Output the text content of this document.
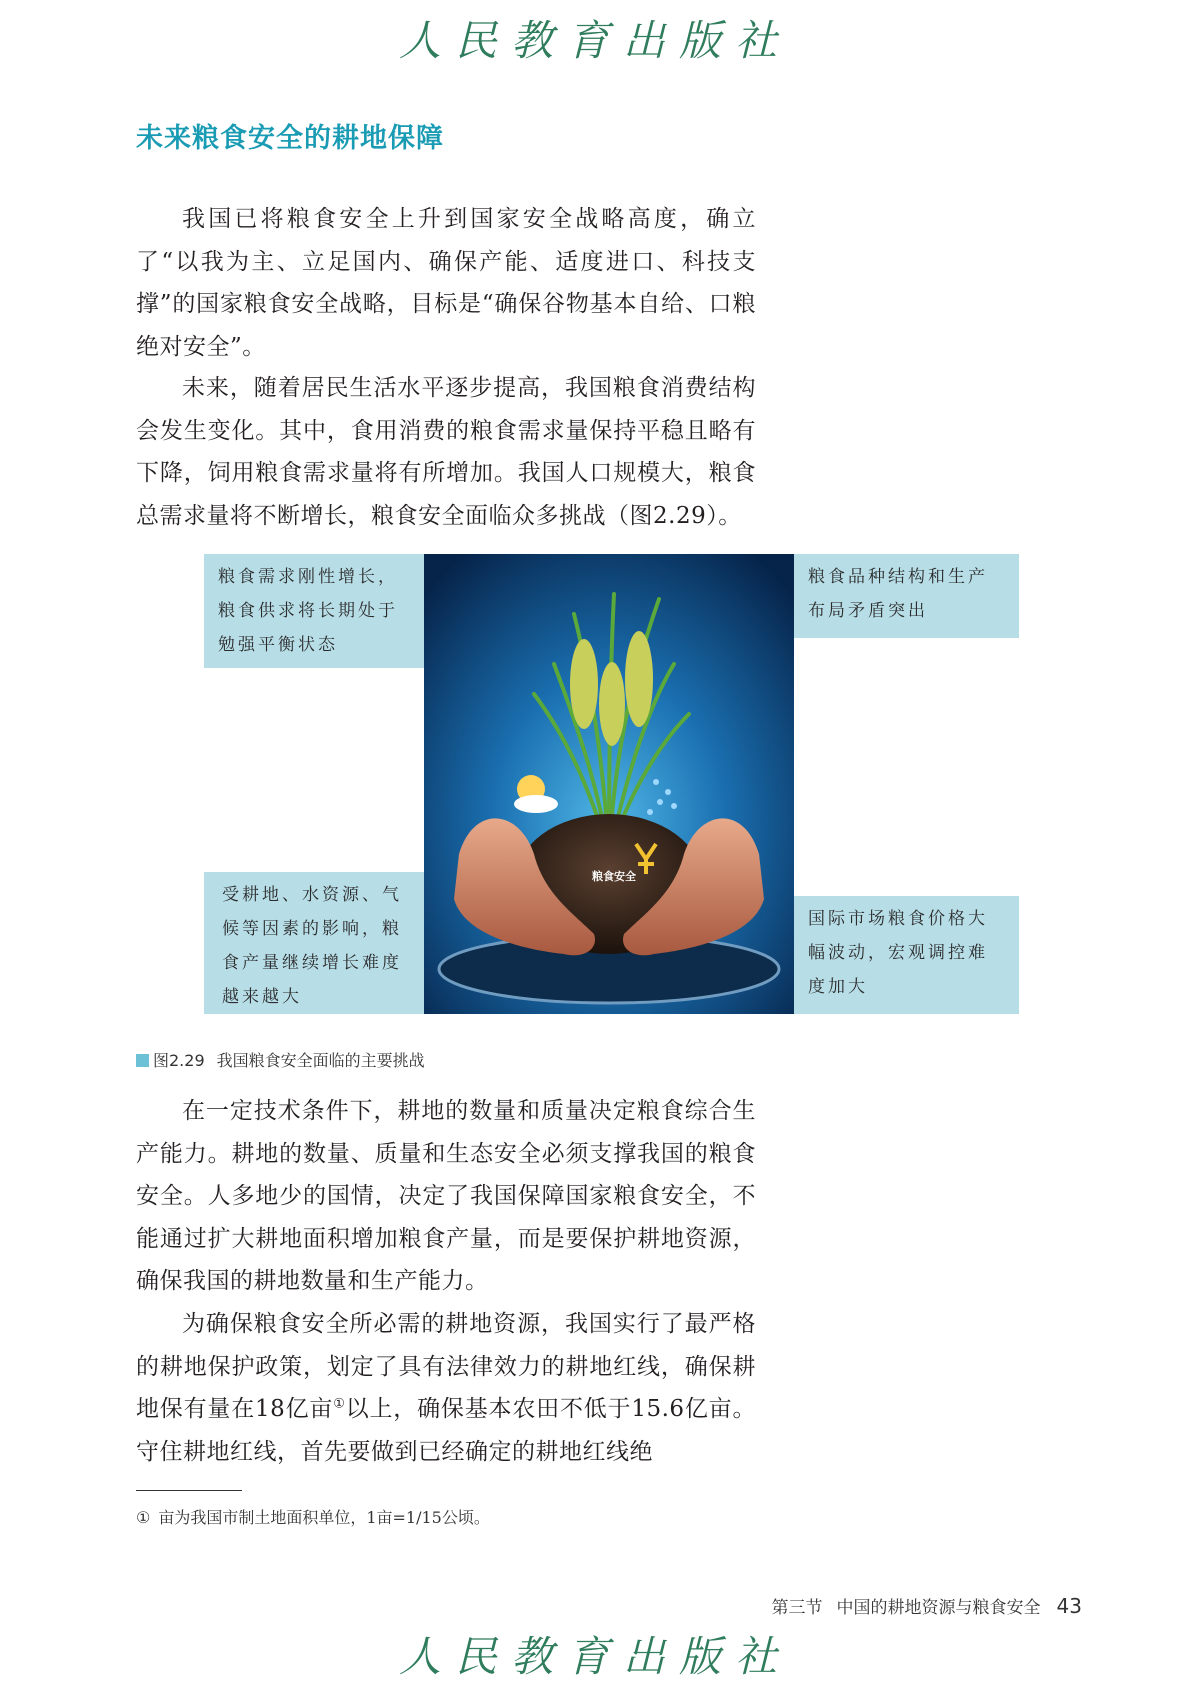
人民教育出版社
未来粮食安全的耕地保障

我国已将粮食安全上升到国家安全战略高度，确立了“以我为主、立足国内、确保产能、适度进口、科技支撑”的国家粮食安全战略，目标是“确保谷物基本自给、口粮绝对安全”。

未来，随着居民生活水平逐步提高，我国粮食消费结构会发生变化。其中，食用消费的粮食需求量保持平稳且略有下降，饲用粮食需求量将有所增加。我国人口规模大，粮食总需求量将不断增长，粮食安全面临众多挑战（图2.29）。

粮食需求刚性增长，粮食供求将长期处于勉强平衡状态
粮食品种结构和生产布局矛盾突出
受耕地、水资源、气候等因素的影响，粮食产量继续增长难度越来越大
国际市场粮食价格大幅波动，宏观调控难度加大
粮食安全
图2.29 我国粮食安全面临的主要挑战

在一定技术条件下，耕地的数量和质量决定粮食综合生产能力。耕地的数量、质量和生态安全必须支撑我国的粮食安全。人多地少的国情，决定了我国保障国家粮食安全，不能通过扩大耕地面积增加粮食产量，而是要保护耕地资源，确保我国的耕地数量和生产能力。

为确保粮食安全所必需的耕地资源，我国实行了最严格的耕地保护政策，划定了具有法律效力的耕地红线，确保耕地保有量在18亿亩①以上，确保基本农田不低于15.6亿亩。守住耕地红线，首先要做到已经确定的耕地红线绝

① 亩为我国市制土地面积单位，1亩=1/15公顷。
第三节 中国的耕地资源与粮食安全 43
人民教育出版社
